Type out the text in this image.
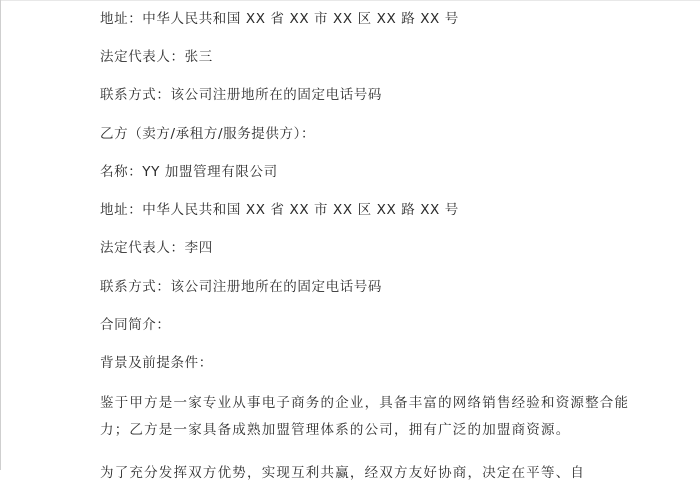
地址：中华人民共和国 XX 省 XX 市 XX 区 XX 路 XX 号
法定代表人：张三
联系方式：该公司注册地所在的固定电话号码
乙方（卖方/承租方/服务提供方）：
名称：YY 加盟管理有限公司
地址：中华人民共和国 XX 省 XX 市 XX 区 XX 路 XX 号
法定代表人：李四
联系方式：该公司注册地所在的固定电话号码
合同简介：
背景及前提条件：
鉴于甲方是一家专业从事电子商务的企业，具备丰富的网络销售经验和资源整合能力；乙方是一家具备成熟加盟管理体系的公司，拥有广泛的加盟商资源。
为了充分发挥双方优势，实现互利共赢，经双方友好协商，决定在平等、自
